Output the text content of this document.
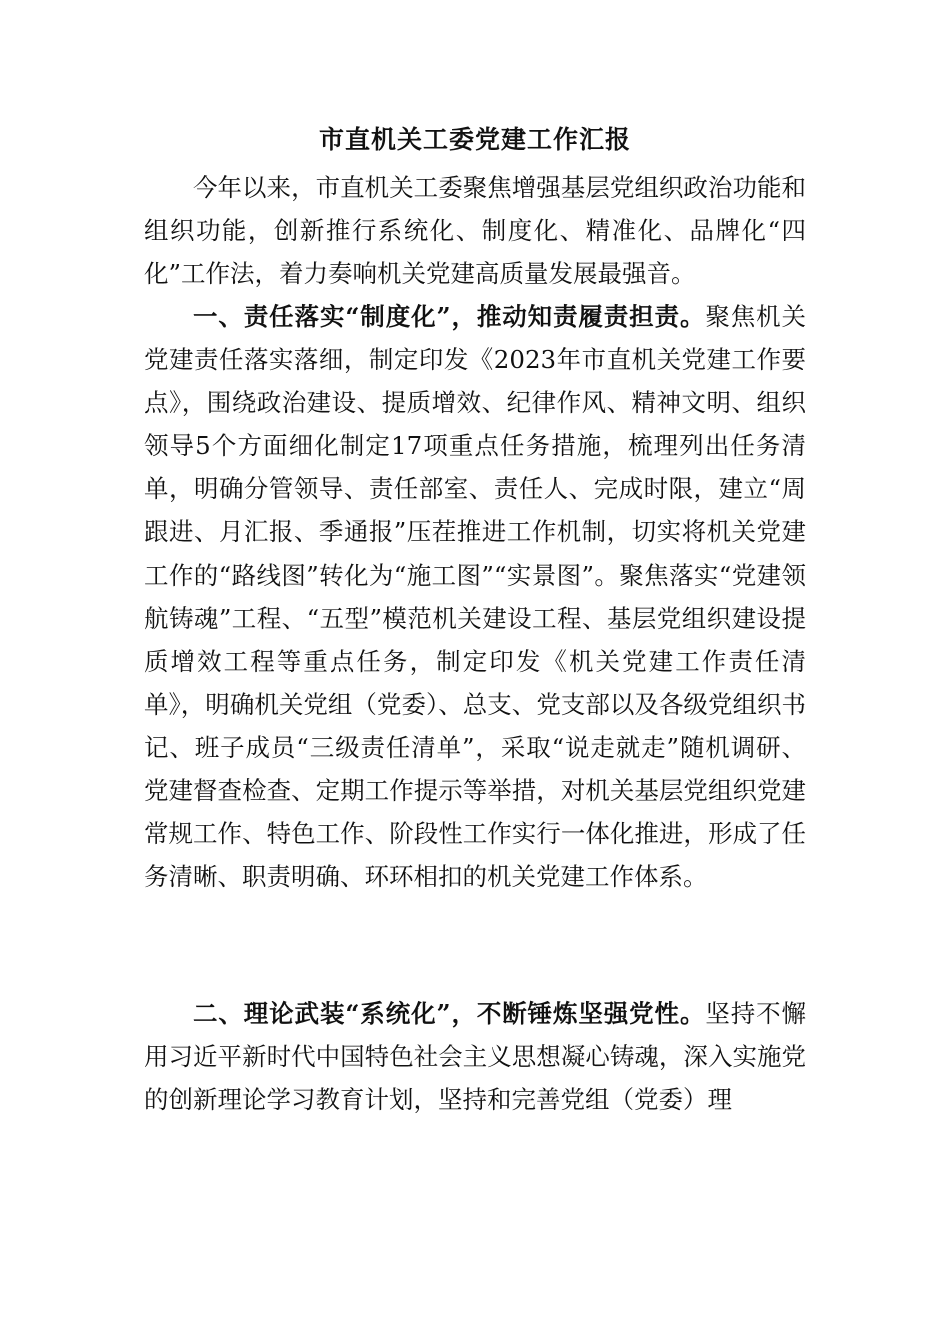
市直机关工委党建工作汇报

今年以来，市直机关工委聚焦增强基层党组织政治功能和组织功能，创新推行系统化、制度化、精准化、品牌化“四化”工作法，着力奏响机关党建高质量发展最强音。

一、责任落实“制度化”，推动知责履责担责。聚焦机关党建责任落实落细，制定印发《2023年市直机关党建工作要点》，围绕政治建设、提质增效、纪律作风、精神文明、组织领导5个方面细化制定17项重点任务措施，梳理列出任务清单，明确分管领导、责任部室、责任人、完成时限，建立“周跟进、月汇报、季通报”压茬推进工作机制，切实将机关党建工作的“路线图”转化为“施工图”“实景图”。聚焦落实“党建领航铸魂”工程、“五型”模范机关建设工程、基层党组织建设提质增效工程等重点任务，制定印发《机关党建工作责任清单》，明确机关党组（党委）、总支、党支部以及各级党组织书记、班子成员“三级责任清单”，采取“说走就走”随机调研、党建督查检查、定期工作提示等举措，对机关基层党组织党建常规工作、特色工作、阶段性工作实行一体化推进，形成了任务清晰、职责明确、环环相扣的机关党建工作体系。

二、理论武装“系统化”，不断锤炼坚强党性。坚持不懈用习近平新时代中国特色社会主义思想凝心铸魂，深入实施党的创新理论学习教育计划，坚持和完善党组（党委）理
